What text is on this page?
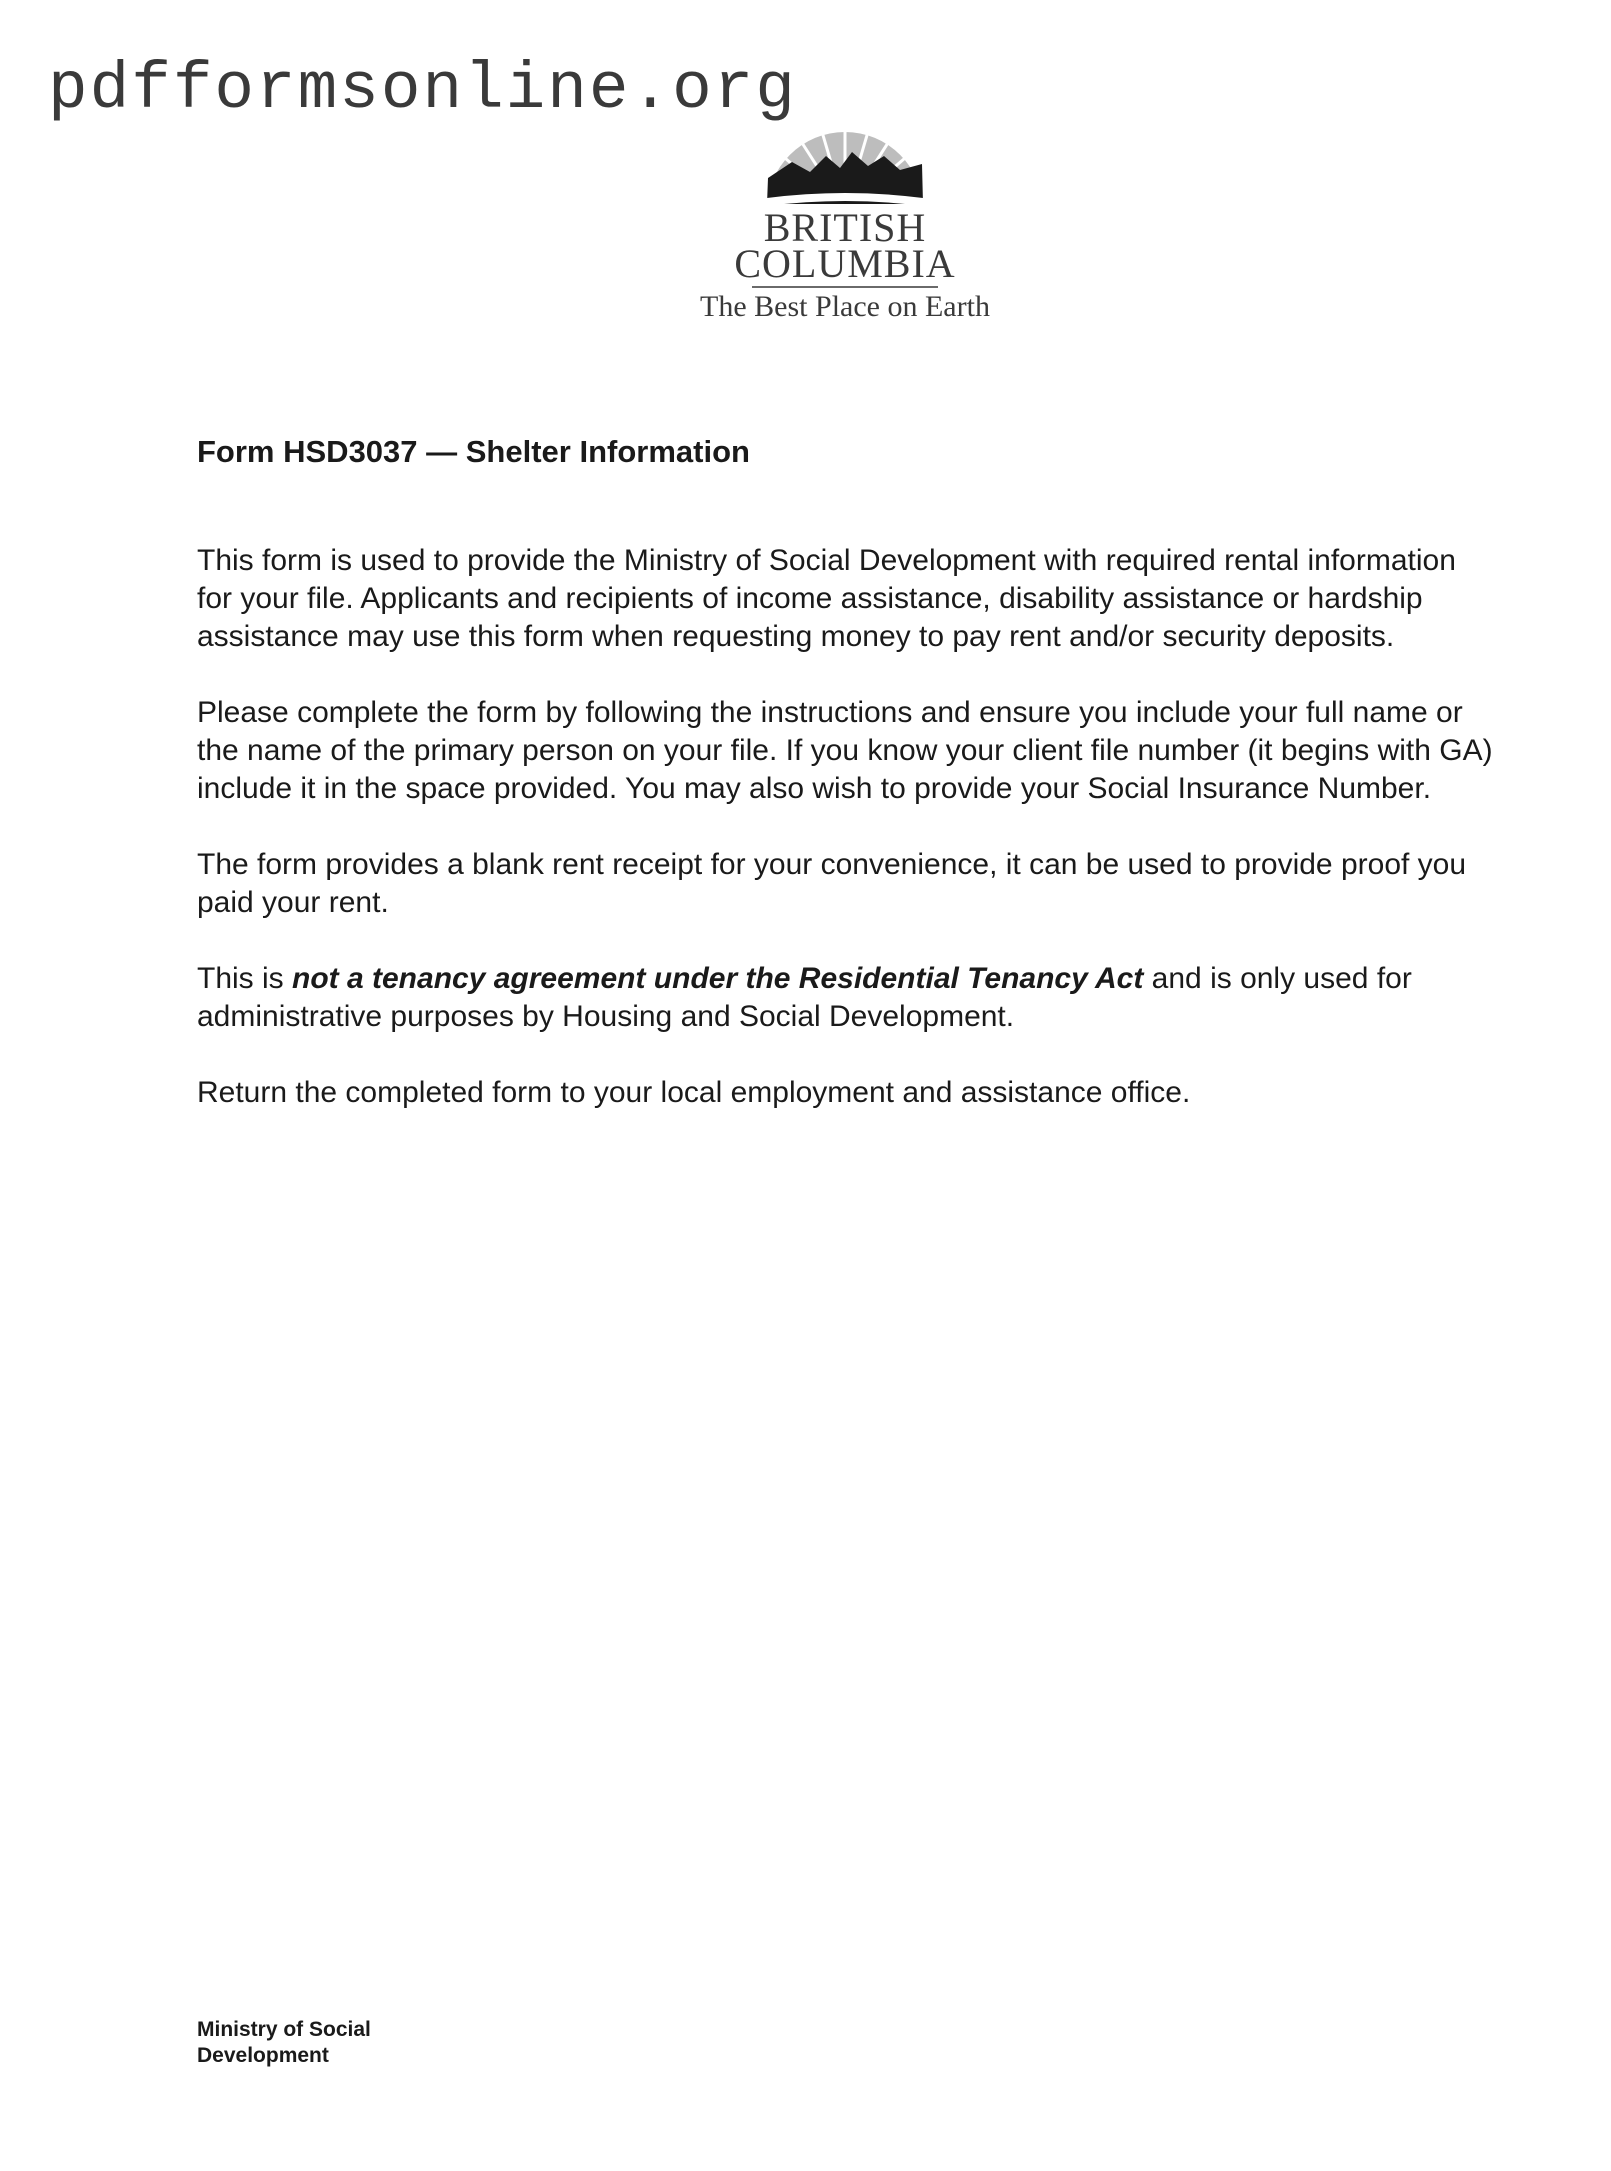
pdfformsonline.org
BRITISH
COLUMBIA
The Best Place on Earth
Form HSD3037 — Shelter Information

This form is used to provide the Ministry of Social Development with required rental information for your file. Applicants and recipients of income assistance, disability assistance or hardship assistance may use this form when requesting money to pay rent and/or security deposits.

Please complete the form by following the instructions and ensure you include your full name or the name of the primary person on your file. If you know your client file number (it begins with GA) include it in the space provided. You may also wish to provide your Social Insurance Number.

The form provides a blank rent receipt for your convenience, it can be used to provide proof you paid your rent.

This is not a tenancy agreement under the Residential Tenancy Act and is only used for administrative purposes by Housing and Social Development.

Return the completed form to your local employment and assistance office.

Ministry of Social
Development
